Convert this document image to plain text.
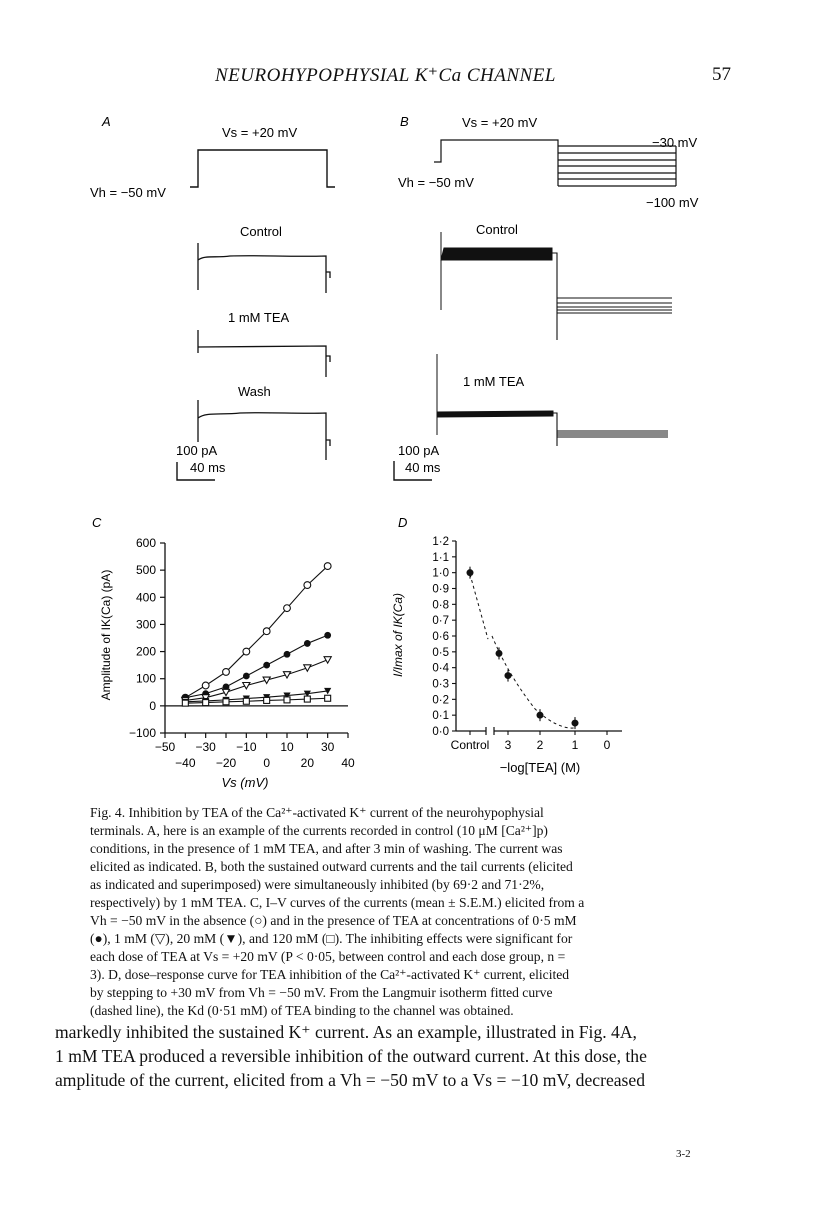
NEUROHYPOPHYSIAL K⁺Ca CHANNEL	57
A
Vs = +20 mV
Vh = −50 mV
Control
1 mM TEA
Wash
100 pA
40 ms
B	Vs = +20 mV
Vh = −50 mV
−30 mV
−100 mV
Control
1 mM TEA
100 pA
40 ms
C
Amplitude of IK(Ca) (pA)
Vs (mV)
600
500
400
300
200
100
0
−100
−50 −30 −10 10 30
−40 −20 0	20 40
D
I/Imax of IK(Ca)
−log[TEA] (M)
1·2
1·1
1·0
0·9
0·8
0·7
0·6
0·5
0·4
0·3
0·2
0·1
0·0
Control 3 2 1 0
Fig. 4. Inhibition by TEA of the Ca²⁺-activated K⁺ current of the neurohypophysial
terminals. A, here is an example of the currents recorded in control (10 μM [Ca²⁺]p)
conditions, in the presence of 1 mM TEA, and after 3 min of washing. The current was
elicited as indicated. B, both the sustained outward currents and the tail currents (elicited
as indicated and superimposed) were simultaneously inhibited (by 69·2 and 71·2%,
respectively) by 1 mM TEA. C, I–V curves of the currents (mean ± S.E.M.) elicited from a
Vh = −50 mV in the absence (○) and in the presence of TEA at concentrations of 0·5 mM
(●), 1 mM (▽), 20 mM (▼), and 120 mM (□). The inhibiting effects were significant for
each dose of TEA at Vs = +20 mV (P < 0·05, between control and each dose group, n =
3). D, dose–response curve for TEA inhibition of the Ca²⁺-activated K⁺ current, elicited
by stepping to +30 mV from Vh = −50 mV. From the Langmuir isotherm fitted curve
(dashed line), the Kd (0·51 mM) of TEA binding to the channel was obtained.
markedly inhibited the sustained K⁺ current. As an example, illustrated in Fig. 4A,
1 mM TEA produced a reversible inhibition of the outward current. At this dose, the
amplitude of the current, elicited from a Vh = −50 mV to a Vs = −10 mV, decreased
3-2
